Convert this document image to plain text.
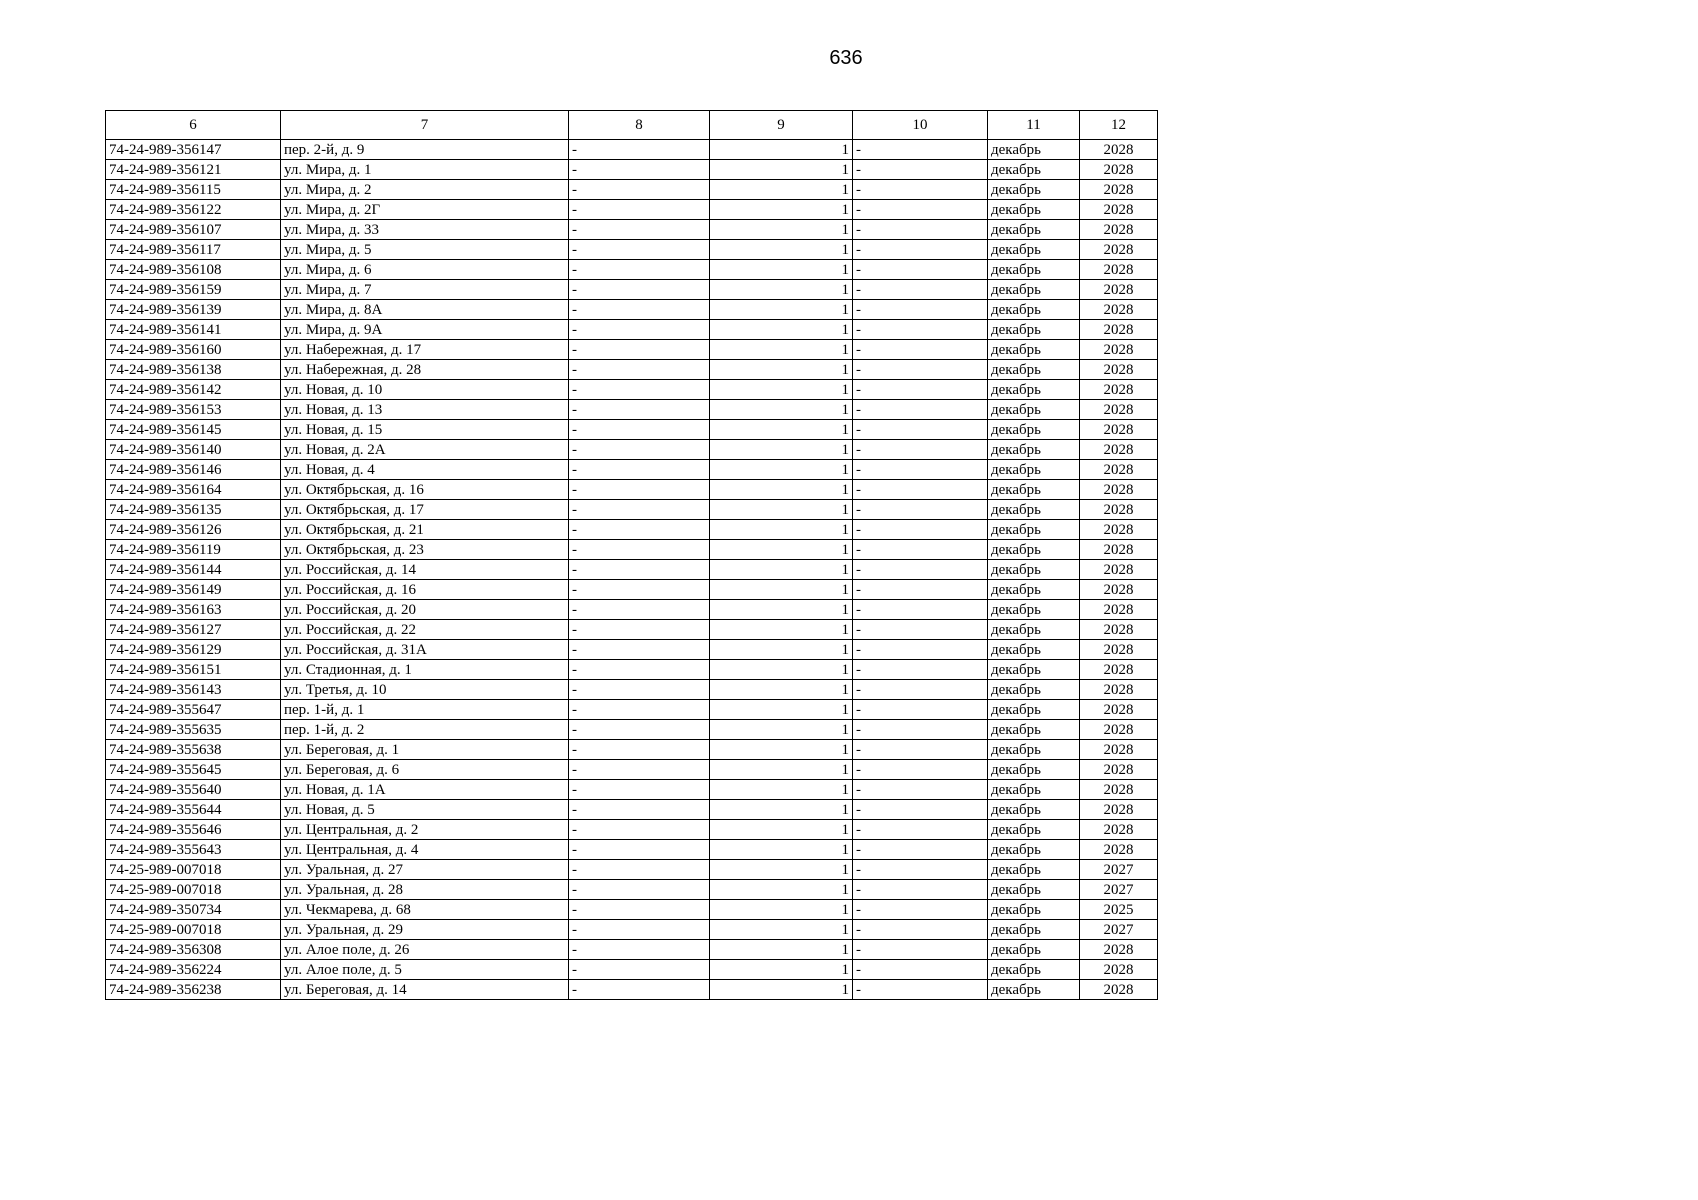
636
6	7	8	9	10	11	12
74-24-989-356147	пер. 2-й, д. 9	-	1	-	декабрь	2028
74-24-989-356121	ул. Мира, д. 1	-	1	-	декабрь	2028
74-24-989-356115	ул. Мира, д. 2	-	1	-	декабрь	2028
74-24-989-356122	ул. Мира, д. 2Г	-	1	-	декабрь	2028
74-24-989-356107	ул. Мира, д. 33	-	1	-	декабрь	2028
74-24-989-356117	ул. Мира, д. 5	-	1	-	декабрь	2028
74-24-989-356108	ул. Мира, д. 6	-	1	-	декабрь	2028
74-24-989-356159	ул. Мира, д. 7	-	1	-	декабрь	2028
74-24-989-356139	ул. Мира, д. 8А	-	1	-	декабрь	2028
74-24-989-356141	ул. Мира, д. 9А	-	1	-	декабрь	2028
74-24-989-356160	ул. Набережная, д. 17	-	1	-	декабрь	2028
74-24-989-356138	ул. Набережная, д. 28	-	1	-	декабрь	2028
74-24-989-356142	ул. Новая, д. 10	-	1	-	декабрь	2028
74-24-989-356153	ул. Новая, д. 13	-	1	-	декабрь	2028
74-24-989-356145	ул. Новая, д. 15	-	1	-	декабрь	2028
74-24-989-356140	ул. Новая, д. 2А	-	1	-	декабрь	2028
74-24-989-356146	ул. Новая, д. 4	-	1	-	декабрь	2028
74-24-989-356164	ул. Октябрьская, д. 16	-	1	-	декабрь	2028
74-24-989-356135	ул. Октябрьская, д. 17	-	1	-	декабрь	2028
74-24-989-356126	ул. Октябрьская, д. 21	-	1	-	декабрь	2028
74-24-989-356119	ул. Октябрьская, д. 23	-	1	-	декабрь	2028
74-24-989-356144	ул. Российская, д. 14	-	1	-	декабрь	2028
74-24-989-356149	ул. Российская, д. 16	-	1	-	декабрь	2028
74-24-989-356163	ул. Российская, д. 20	-	1	-	декабрь	2028
74-24-989-356127	ул. Российская, д. 22	-	1	-	декабрь	2028
74-24-989-356129	ул. Российская, д. 31А	-	1	-	декабрь	2028
74-24-989-356151	ул. Стадионная, д. 1	-	1	-	декабрь	2028
74-24-989-356143	ул. Третья, д. 10	-	1	-	декабрь	2028
74-24-989-355647	пер. 1-й, д. 1	-	1	-	декабрь	2028
74-24-989-355635	пер. 1-й, д. 2	-	1	-	декабрь	2028
74-24-989-355638	ул. Береговая, д. 1	-	1	-	декабрь	2028
74-24-989-355645	ул. Береговая, д. 6	-	1	-	декабрь	2028
74-24-989-355640	ул. Новая, д. 1А	-	1	-	декабрь	2028
74-24-989-355644	ул. Новая, д. 5	-	1	-	декабрь	2028
74-24-989-355646	ул. Центральная, д. 2	-	1	-	декабрь	2028
74-24-989-355643	ул. Центральная, д. 4	-	1	-	декабрь	2028
74-25-989-007018	ул. Уральная, д. 27	-	1	-	декабрь	2027
74-25-989-007018	ул. Уральная, д. 28	-	1	-	декабрь	2027
74-24-989-350734	ул. Чекмарева, д. 68	-	1	-	декабрь	2025
74-25-989-007018	ул. Уральная, д. 29	-	1	-	декабрь	2027
74-24-989-356308	ул. Алое поле, д. 26	-	1	-	декабрь	2028
74-24-989-356224	ул. Алое поле, д. 5	-	1	-	декабрь	2028
74-24-989-356238	ул. Береговая, д. 14	-	1	-	декабрь	2028
